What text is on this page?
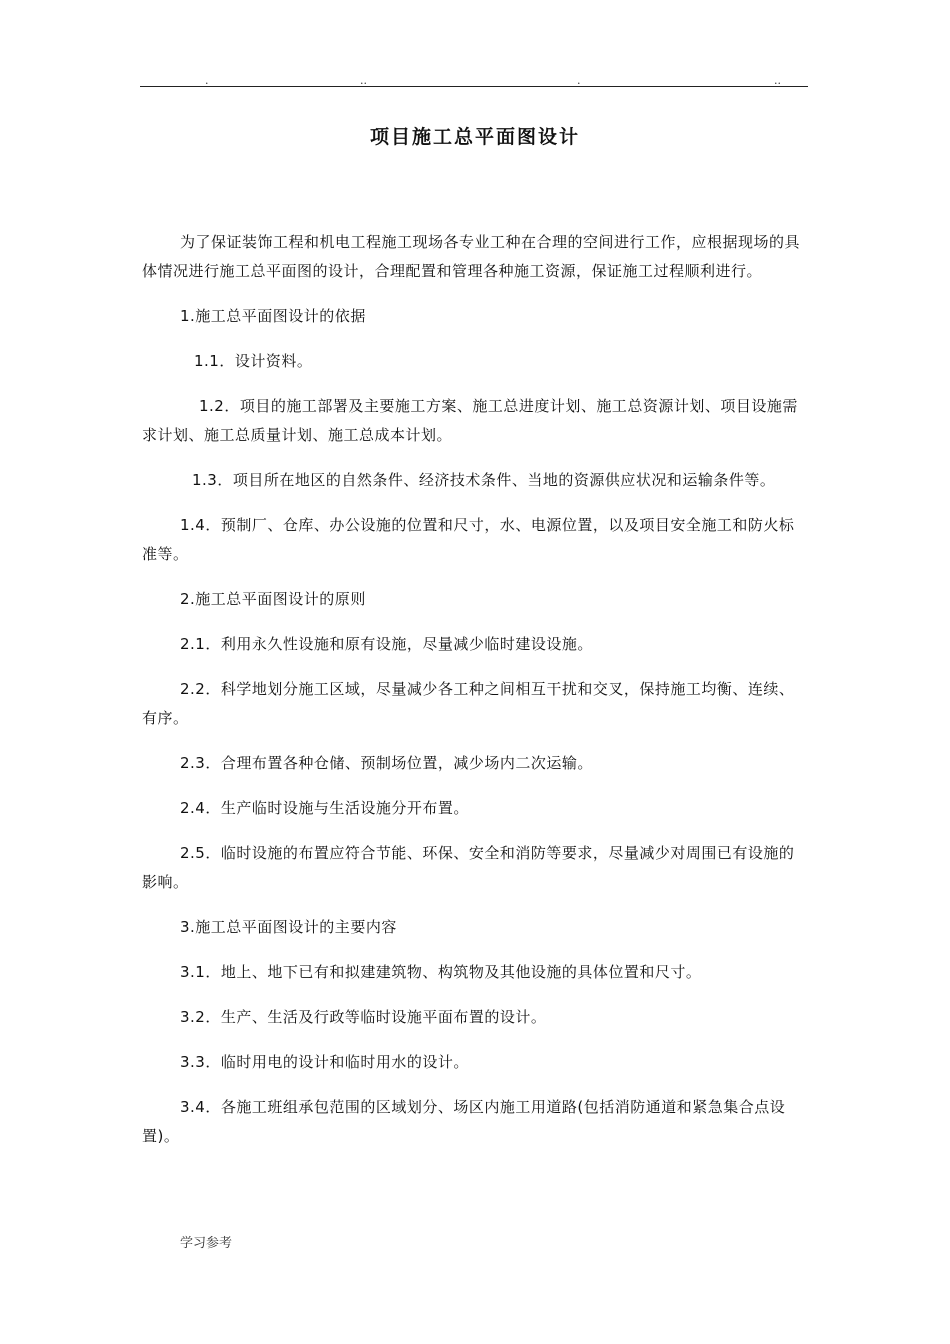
.	..	.	..
项目施工总平面图设计

为了保证装饰工程和机电工程施工现场各专业工种在合理的空间进行工作，应根据现场的具体情况进行施工总平面图的设计，合理配置和管理各种施工资源，保证施工过程顺利进行。

1.施工总平面图设计的依据

1.1．设计资料。

1.2．项目的施工部署及主要施工方案、施工总进度计划、施工总资源计划、项目设施需求计划、施工总质量计划、施工总成本计划。

1.3．项目所在地区的自然条件、经济技术条件、当地的资源供应状况和运输条件等。

1.4．预制厂、仓库、办公设施的位置和尺寸，水、电源位置，以及项目安全施工和防火标准等。

2.施工总平面图设计的原则

2.1．利用永久性设施和原有设施，尽量减少临时建设设施。

2.2．科学地划分施工区域，尽量减少各工种之间相互干扰和交叉，保持施工均衡、连续、有序。

2.3．合理布置各种仓储、预制场位置，减少场内二次运输。

2.4．生产临时设施与生活设施分开布置。

2.5．临时设施的布置应符合节能、环保、安全和消防等要求，尽量减少对周围已有设施的影响。

3.施工总平面图设计的主要内容

3.1．地上、地下已有和拟建建筑物、构筑物及其他设施的具体位置和尺寸。

3.2．生产、生活及行政等临时设施平面布置的设计。

3.3．临时用电的设计和临时用水的设计。

3.4．各施工班组承包范围的区域划分、场区内施工用道路(包括消防通道和紧急集合点设置)。

学习参考
